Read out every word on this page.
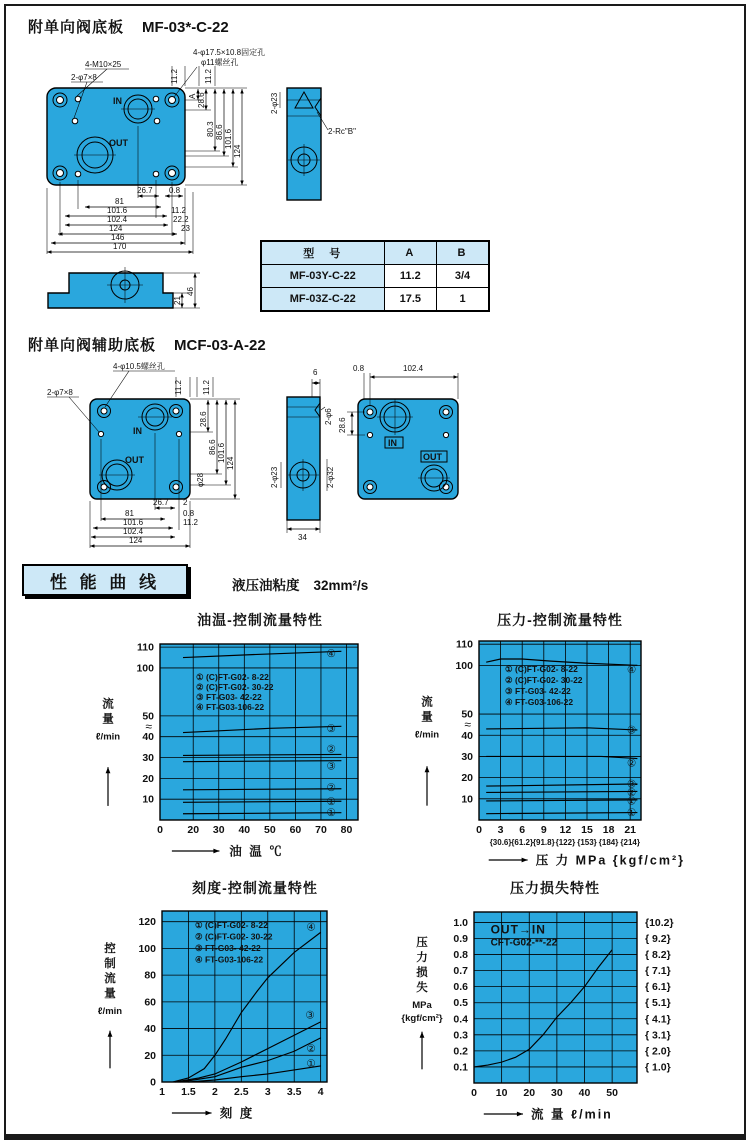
附单向阀底板 MF-03*-C-22
IN
OUT
4-M10×25
2-φ7×8
4-φ17.5×10.8固定孔
φ11螺丝孔
11.2	11.2
A 28.6
80.3 86.6 101.6
124
2-φ23
2-Rc"B"
26.7 0.8
81
101.6	11.2
102.4	22.2
124	23
146
170
21
46
型　号	A	B
MF-03Y-C-22	11.2	3/4
MF-03Z-C-22	17.5	1
附单向阀辅助底板 MCF-03-A-22
IN
OUT
4-φ10.5螺丝孔
2-φ7×8	11.2 11.2
28.6
86.6 101.6
124
φ28
26.7 2
81	0.8
101.6	11.2
102.4
124
6
2-φ6
2-φ23	2-φ32
34
IN
OUT
0.8	102.4
28.6
性 能 曲 线	液压油粘度 32mm²/s
油温-控制流量特性	压力-控制流量特性
刻度-控制流量特性	压力损失特性
0 20 30 40 50 60 70 80
10
20
30
40
50
100
110
≈
④
③
②
③
②
①
①
① (C)FT-G02- 8-22
② (C)FT-G02- 30-22
③ FT-G03- 42-22
④ FT-G03-106-22
油 温 ℃
流
量
ℓ/min
0 3 6 9 12 15 18 21
10
20
30
40
50
100
110
{30.6} {61.2} {91.8} {122} {153} {184} {214}
≈
④
③
②
③
②
①
①
① (C)FT-G02- 8-22
② (C)FT-G02- 30-22
③ FT-G03- 42-22
④ FT-G03-106-22
压 力 MPa {kgf/cm²}
流
量
ℓ/min
1 1.5 2 2.5 3 3.5 4
0
20
40
60
80
100
120	④
③
②
①
① (C)FT-G02- 8-22
② (C)FT-G02- 30-22
③ FT-G03- 42-22
④ FT-G03-106-22
刻 度
控
制
流
量
ℓ/min
0 10 20 30 40 50
0.1
0.2
0.3
0.4
0.5
0.6
0.7
0.8
0.9
1.0	{10.2}
{ 9.2}
{ 8.2}
{ 7.1}
{ 6.1}
{ 5.1}
{ 4.1}
{ 3.1}
{ 2.0}
{ 1.0}
OUT→IN
CFT-G02-**-22
流 量 ℓ/min
压
力
损
失
MPa
{kgf/cm²}
